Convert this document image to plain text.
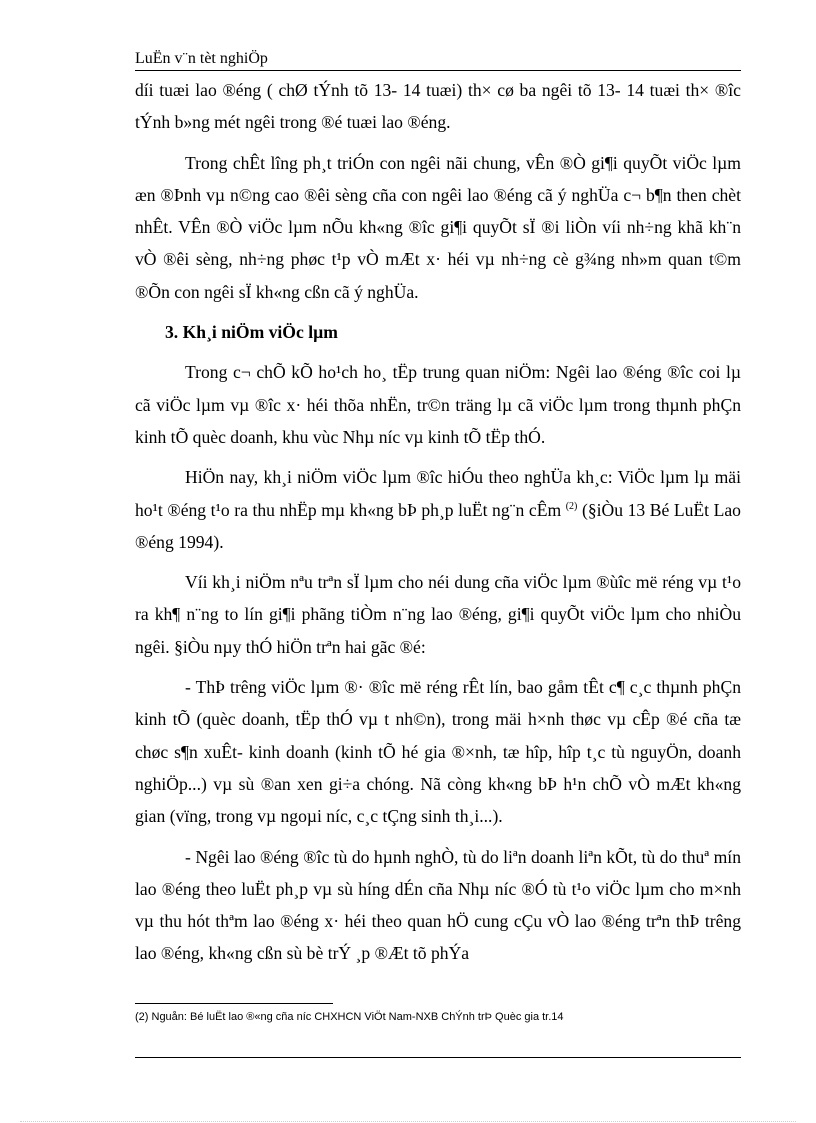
LuËn v¨n tèt nghiÖp

díi tuæi lao ®éng ( chØ tÝnh tõ 13- 14 tuæi) th× cø ba ngêi tõ 13- 14 tuæi th× ®îc tÝnh b»ng mét ngêi trong ®é tuæi lao ®éng.

Trong chÊt lîng ph¸t triÓn con ngêi nãi chung, vÊn ®Ò gi¶i quyÕt viÖc lµm æn ®Þnh vµ n©ng cao ®êi sèng cña con ngêi lao ®éng cã ý nghÜa c¬ b¶n then chèt nhÊt. VÊn ®Ò viÖc lµm nÕu kh«ng ®îc gi¶i quyÕt sÏ ®i liÒn víi nh÷ng khã kh¨n vÒ ®êi sèng, nh÷ng phøc t¹p vÒ mÆt x· héi vµ nh÷ng cè g¾ng nh»m quan t©m ®Õn con ngêi sÏ kh«ng cßn cã ý nghÜa.

3. Kh¸i niÖm viÖc lµm

Trong c¬ chÕ kÕ ho¹ch ho¸ tËp trung quan niÖm: Ngêi lao ®éng ®îc coi lµ cã viÖc lµm vµ ®îc x· héi thõa nhËn, tr©n träng lµ cã viÖc lµm trong thµnh phÇn kinh tÕ quèc doanh, khu vùc Nhµ níc vµ kinh tÕ tËp thÓ.

HiÖn nay, kh¸i niÖm viÖc lµm ®îc hiÓu theo nghÜa kh¸c: ViÖc lµm lµ mäi ho¹t ®éng t¹o ra thu nhËp mµ kh«ng bÞ ph¸p luËt ng¨n cÊm $^{(2)}$ (§iÒu 13 Bé LuËt Lao ®éng 1994).

Víi kh¸i niÖm nªu trªn sÏ lµm cho néi dung cña viÖc lµm ®ùîc më réng vµ t¹o ra kh¶ n¨ng to lín gi¶i phãng tiÒm n¨ng lao ®éng, gi¶i quyÕt viÖc lµm cho nhiÒu ngêi. §iÒu nµy thÓ hiÖn trªn hai gãc ®é:

- ThÞ trêng viÖc lµm ®· ®îc më réng rÊt lín, bao gåm tÊt c¶ c¸c thµnh phÇn kinh tÕ (quèc doanh, tËp thÓ vµ t nh©n), trong mäi h×nh thøc vµ cÊp ®é cña tæ chøc s¶n xuÊt- kinh doanh (kinh tÕ hé gia ®×nh, tæ hîp, hîp t¸c tù nguyÖn, doanh nghiÖp...) vµ sù ®an xen gi÷a chóng. Nã còng kh«ng bÞ h¹n chÕ vÒ mÆt kh«ng gian (vïng, trong vµ ngoµi níc, c¸c tÇng sinh th¸i...).

- Ngêi lao ®éng ®îc tù do hµnh nghÒ, tù do liªn doanh liªn kÕt, tù do thuª mín lao ®éng theo luËt ph¸p vµ sù híng dÉn cña Nhµ níc ®Ó tù t¹o viÖc lµm cho m×nh vµ thu hót thªm lao ®éng x· héi theo quan hÖ cung cÇu vÒ lao ®éng trªn thÞ trêng lao ®éng, kh«ng cßn sù bè trÝ ¸p ®Æt tõ phÝa

(2) Nguån: Bé luËt lao ®«ng cña níc CHXHCN ViÖt Nam-NXB ChÝnh trÞ Quèc gia tr.14
